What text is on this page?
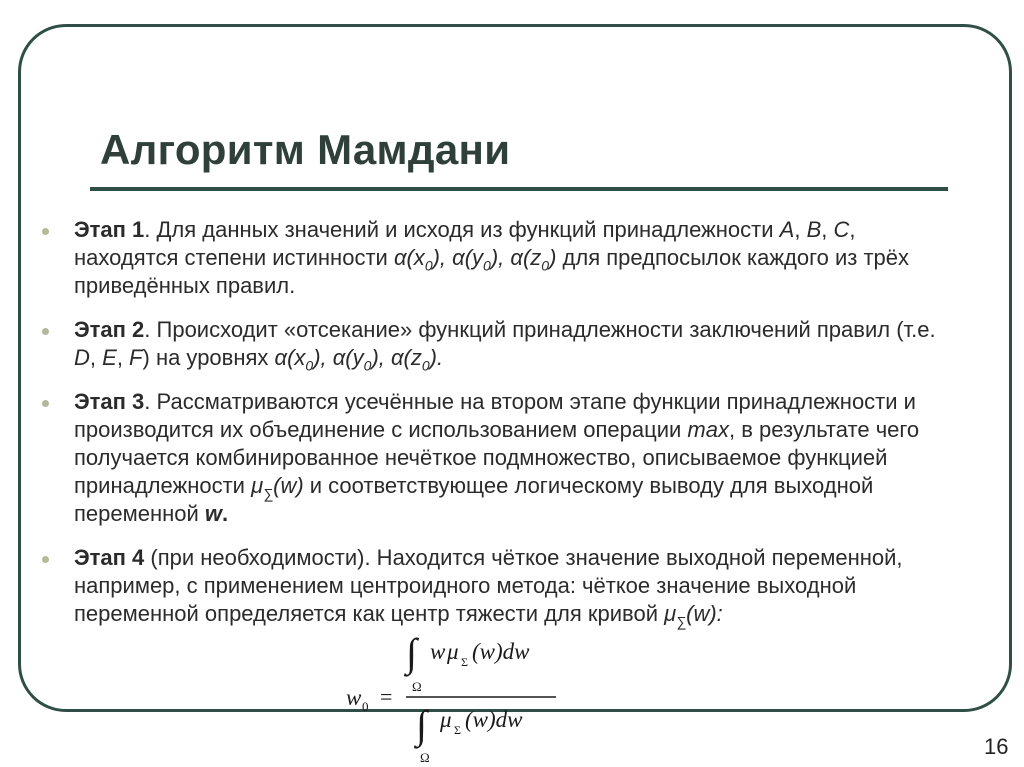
Алгоритм Мамдани
Этап 1. Для данных значений и исходя из функций принадлежности A, B, C, находятся степени истинности $\alpha(x_0)$, $\alpha(y_0)$, $\alpha(z_0)$ для предпосылок каждого из трёх приведённых правил.
Этап 2. Происходит «отсекание» функций принадлежности заключений правил (т.е. D, E, F) на уровнях $\alpha(x_0)$, $\alpha(y_0)$, $\alpha(z_0)$.
Этап 3. Рассматриваются усечённые на втором этапе функции принадлежности и производится их объединение с использованием операции max, в результате чего получается комбинированное нечёткое подмножество, описываемое функцией принадлежности $\mu_\sum(w)$ и соответствующее логическому выводу для выходной переменной w.
Этап 4 (при необходимости). Находится чёткое значение выходной переменной, например, с применением центроидного метода: чёткое значение выходной переменной определяется как центр тяжести для кривой $\mu_\sum(w)$:
∫
Ω
w μ Σ (w)dw
w 0 =
∫
Ω
μ Σ (w)dw
16
